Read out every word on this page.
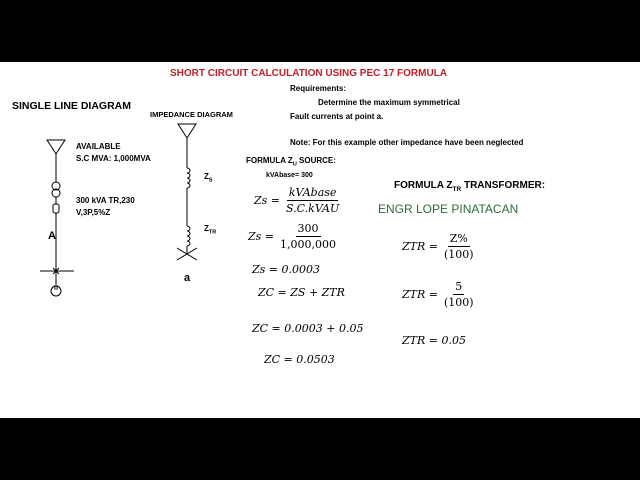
SHORT CIRCUIT CALCULATION USING PEC 17 FORMULA
SINGLE LINE DIAGRAM
AVAILABLE
S.C MVA: 1,000MVA
300 kVA TR,230
V,3P,5%Z
A
M
IMPEDANCE DIAGRAM
$Z_S$
$Z_{TR}$
a
Requirements:
Determine the maximum symmetrical
Fault currents at point a.
Note: For this example other impedance have been neglected
FORMULA $Z_U$ SOURCE:
kVAbase= 300
$Zs = \frac{\text{kVAbase}}{\text{S.C.kVAU}}$
$Zs = \frac{300}{1,000,000}$
Zs = 0.0003
ZC = ZS + ZTR
ZC = 0.0003 + 0.05
ZC = 0.0503
FORMULA $Z_{TR}$ TRANSFORMER:
ENGR LOPE PINATACAN
ZTR = $\frac{Z\%}{(100)}$
ZTR = $\frac{5}{(100)}$
ZTR = 0.05
